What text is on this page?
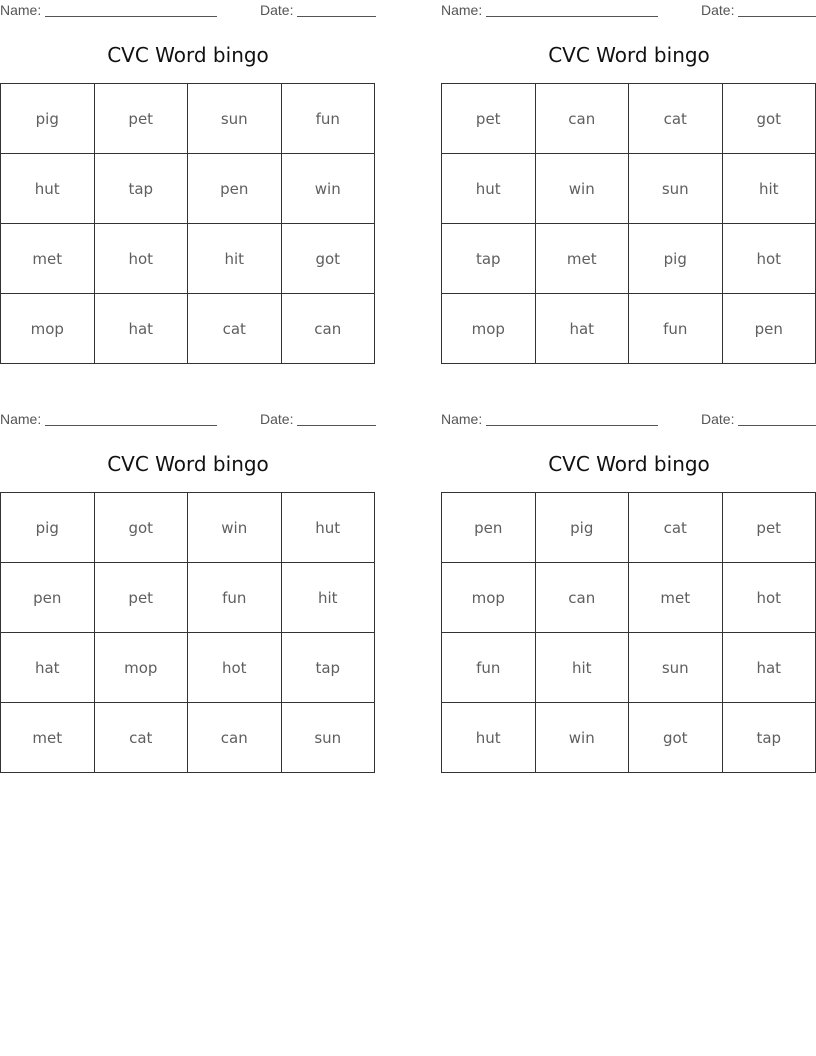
Name:	Date:
CVC Word bingo
pig	pet	sun	fun
hut	tap	pen	win
met	hot	hit	got
mop	hat	cat	can
Name:	Date:
CVC Word bingo
pet	can	cat	got
hut	win	sun	hit
tap	met	pig	hot
mop	hat	fun	pen
Name:	Date:
CVC Word bingo
pig	got	win	hut
pen	pet	fun	hit
hat	mop	hot	tap
met	cat	can	sun
Name:	Date:
CVC Word bingo
pen	pig	cat	pet
mop	can	met	hot
fun	hit	sun	hat
hut	win	got	tap
